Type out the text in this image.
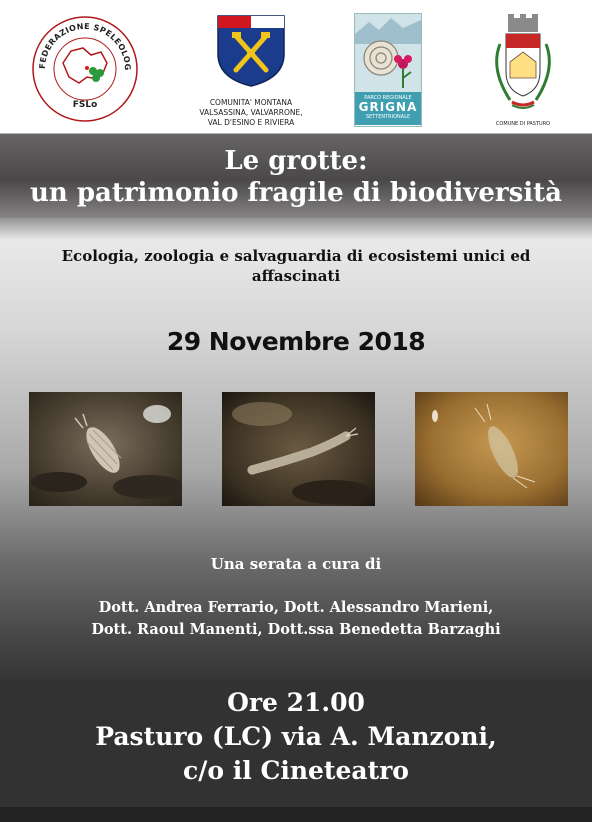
FEDERAZIONE SPELEOLOG
FSLo	COMUNITA' MONTANA
VALSASSINA, VALVARRONE,
VAL D'ESINO E RIVIERA
PARCO REGIONALE
GRIGNA
SETTENTRIONALE
COMUNE DI PASTURO
Le grotte:
un patrimonio fragile di biodiversità
Ecologia, zoologia e salvaguardia di ecosistemi unici ed
affascinati
29 Novembre 2018
Una serata a cura di
Dott. Andrea Ferrario, Dott. Alessandro Marieni,
Dott. Raoul Manenti, Dott.ssa Benedetta Barzaghi
Ore 21.00
Pasturo (LC) via A. Manzoni,
c/o il Cineteatro
